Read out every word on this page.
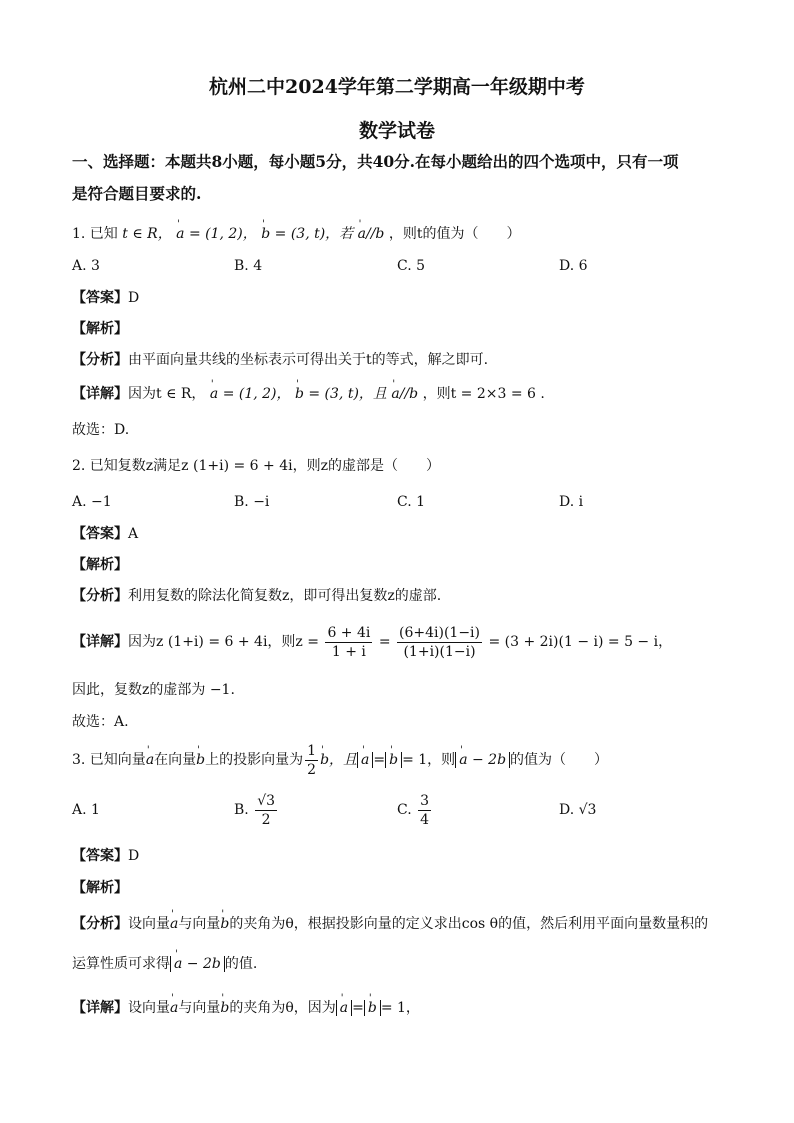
杭州二中2024学年第二学期高一年级期中考
数学试卷
一、选择题：本题共8小题，每小题5分，共40分.在每小题给出的四个选项中，只有一项
是符合题目要求的.
1. 已知 t ∈ R， ' a = (1, 2)， ' b = (3, t)，若 ' a//b ，则t的值为（　　）
A. 3	B. 4	C. 5	D. 6
【答案】D
【解析】
【分析】由平面向量共线的坐标表示可得出关于t的等式，解之即可.
【详解】因为t ∈ R， ' a = (1, 2)， ' b = (3, t)，且 ' a//b ，则t = 2×3 = 6 .
故选：D.
2. 已知复数z满足z (1+i) = 6 + 4i，则z的虚部是（　　）
A. −1	B. −i	C. 1	D. i
【答案】A
【解析】
【分析】利用复数的除法化简复数z，即可得出复数z的虚部.
【详解】因为z (1+i) = 6 + 4i，则$z = \frac{6 + 4i}{1 + i} = \frac{(6+4i)(1-i)}{(1+i)(1-i)} = (3 + 2i)(1 - i) = 5 - i$，
因此，复数z的虚部为 −1.
故选：A.
3. 已知向量' a在向量' b上的投影向量为 $\frac{1}{2}$ ' b，且 ' a = ' b = 1，则 ' a − 2b 的值为（　　）
A. 1	B. $\frac{√3}{2}$	C. $\frac{3}{4}$	D. √3
【答案】D
【解析】
【分析】设向量' a与向量' b的夹角为θ，根据投影向量的定义求出cos θ的值，然后利用平面向量数量积的
运算性质可求得 ' a − 2b 的值.
【详解】设向量' a与向量' b的夹角为θ，因为 ' a = ' b = 1，
